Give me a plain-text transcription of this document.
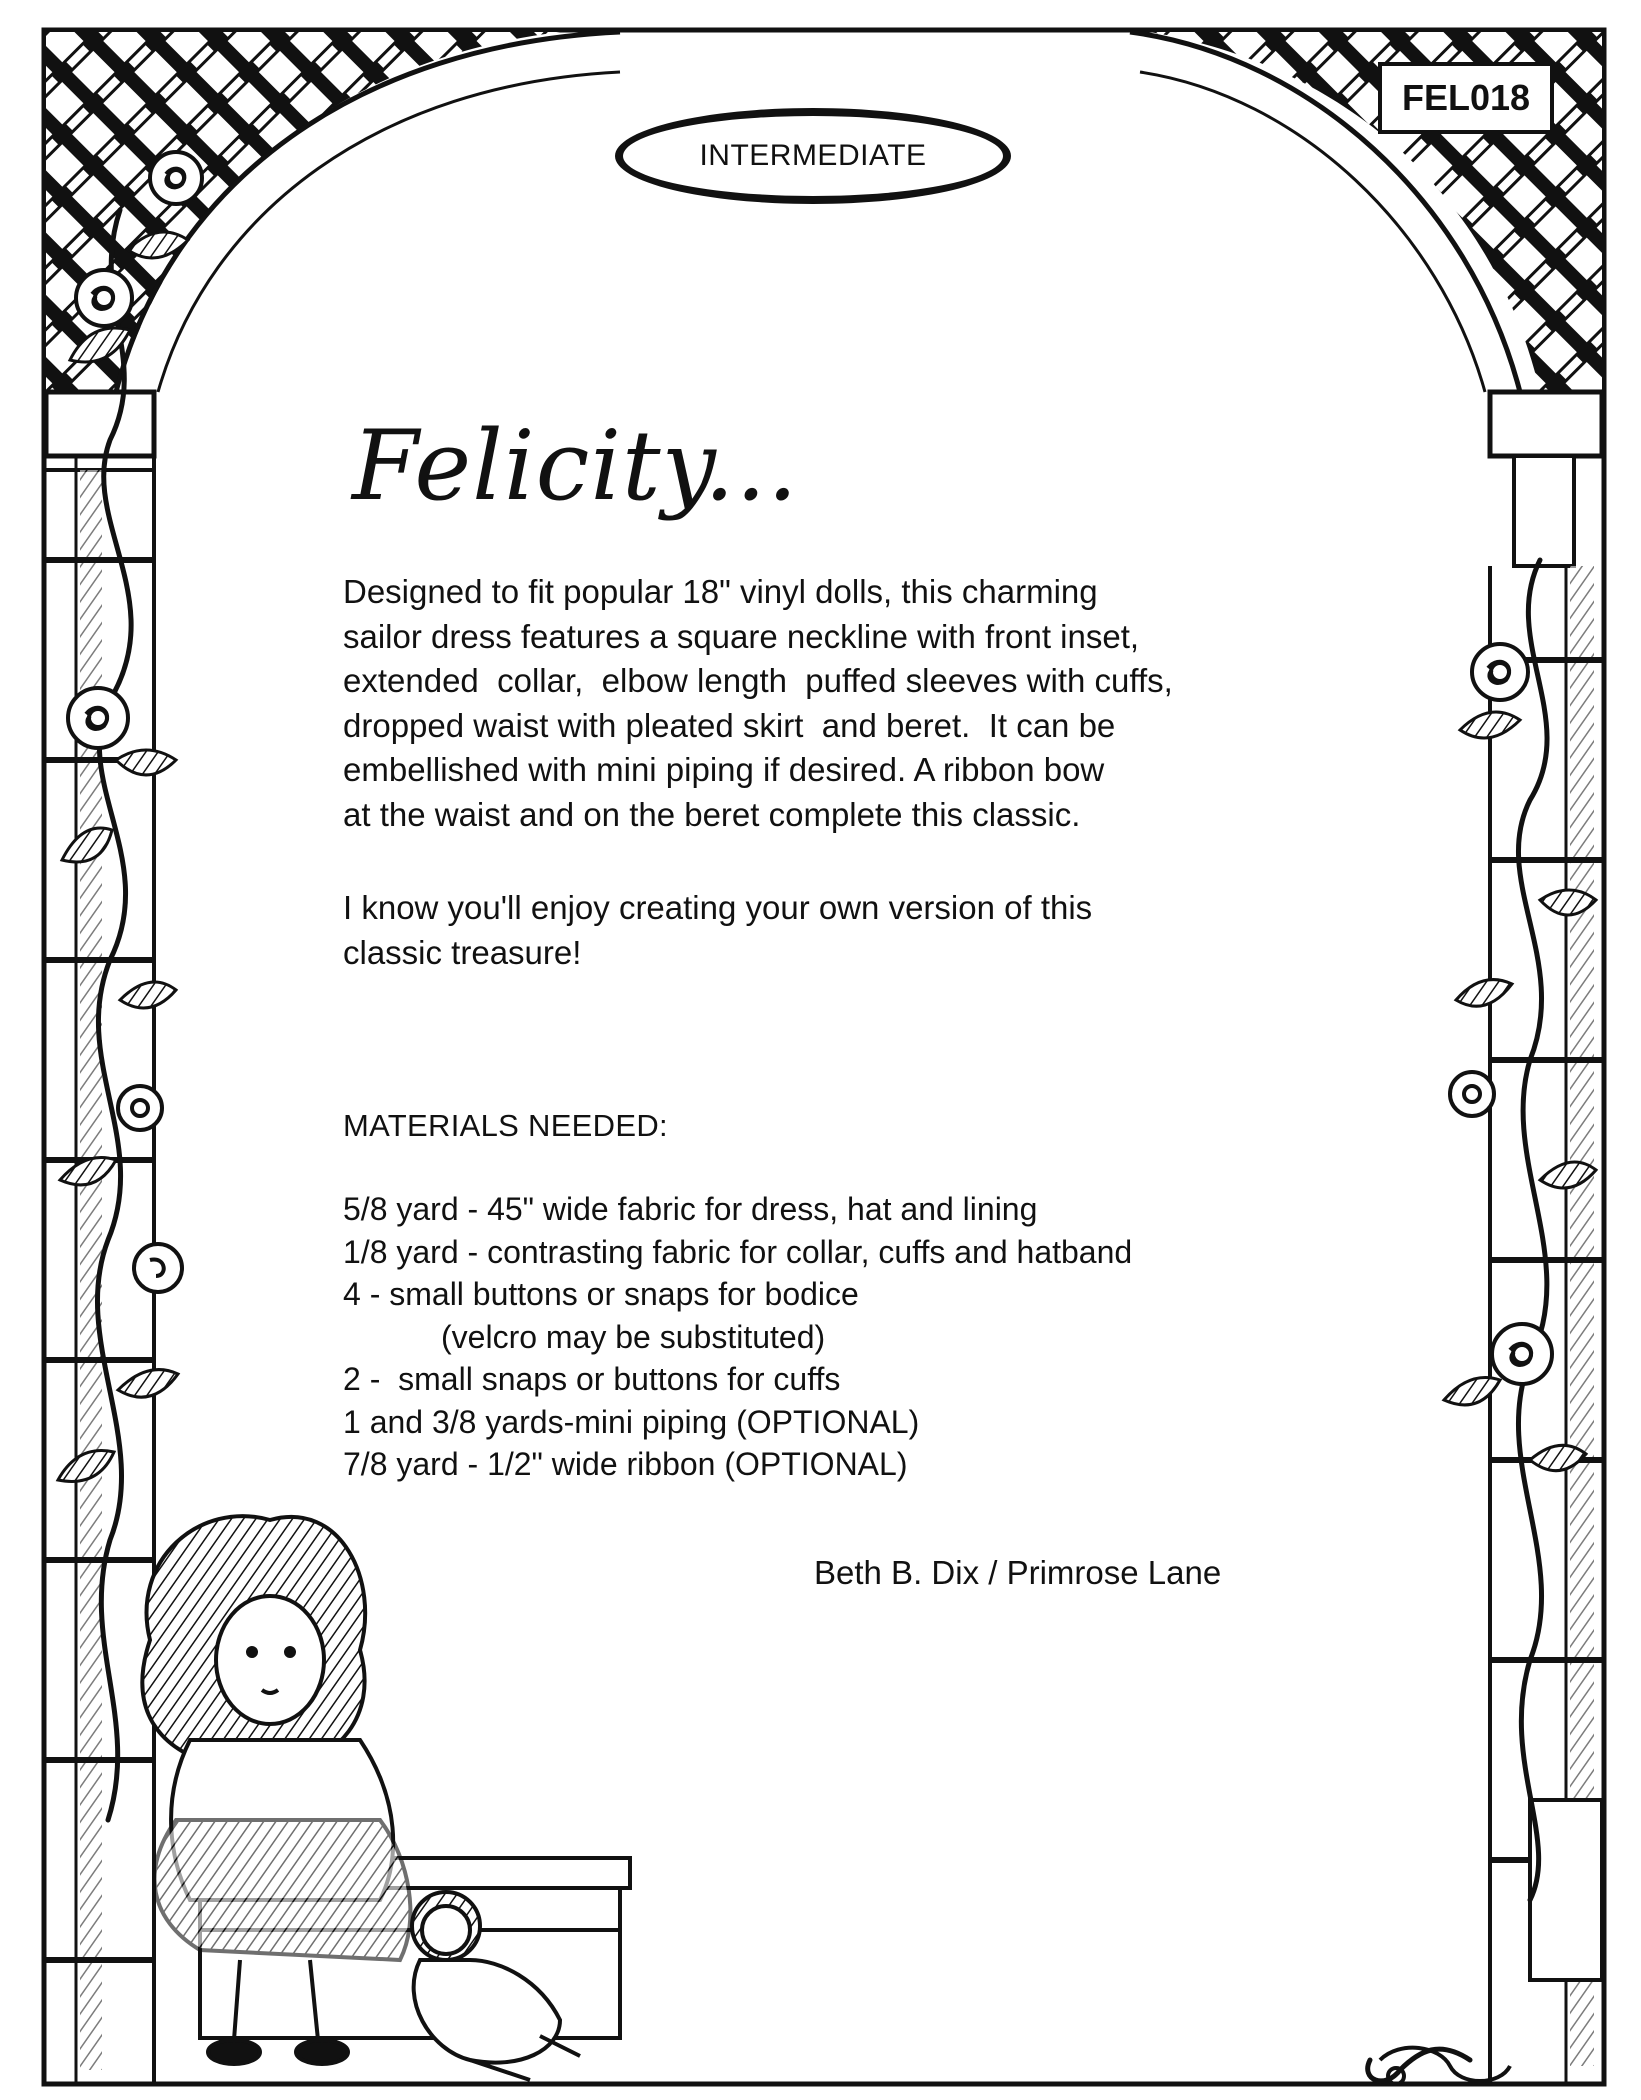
INTERMEDIATE
FEL018
Felicity...

Designed to fit popular 18" vinyl dolls, this charming
sailor dress features a square neckline with front inset,
extended  collar,  elbow length  puffed sleeves with cuffs,
dropped waist with pleated skirt  and beret.  It can be
embellished with mini piping if desired. A ribbon bow
at the waist and on the beret complete this classic.

I know you'll enjoy creating your own version of this
classic treasure!

MATERIALS NEEDED:
5/8 yard - 45" wide fabric for dress, hat and lining
1/8 yard - contrasting fabric for collar, cuffs and hatband
4 - small buttons or snaps for bodice
(velcro may be substituted)
2 -  small snaps or buttons for cuffs
1 and 3/8 yards-mini piping (OPTIONAL)
7/8 yard - 1/2" wide ribbon (OPTIONAL)
Beth B. Dix / Primrose Lane
